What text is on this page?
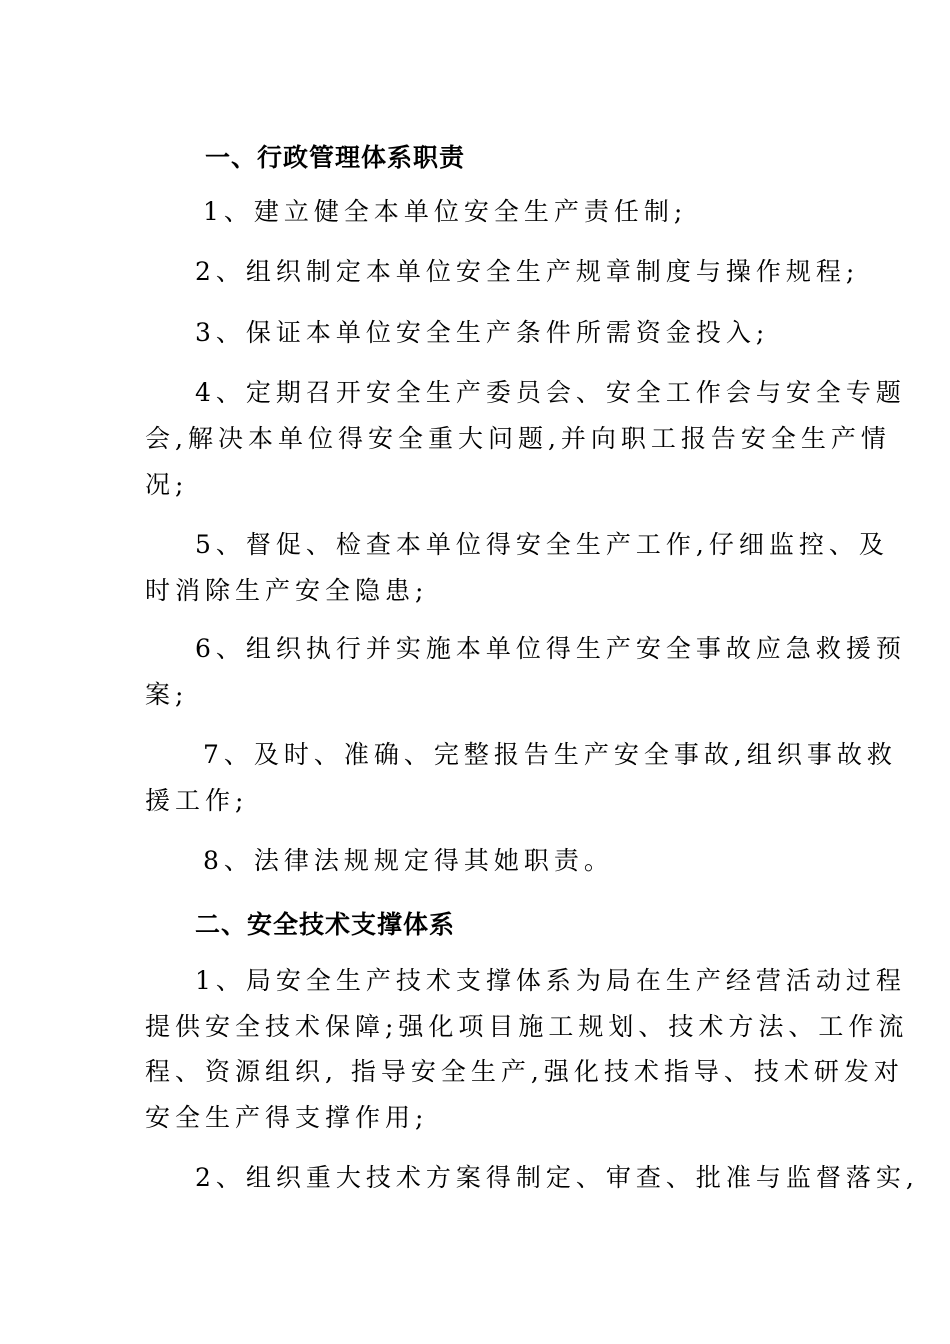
一、行政管理体系职责
1、建立健全本单位安全生产责任制;
2、组织制定本单位安全生产规章制度与操作规程;
3、保证本单位安全生产条件所需资金投入;
4、定期召开安全生产委员会、安全工作会与安全专题
会,解决本单位得安全重大问题,并向职工报告安全生产情
况;
5、督促、检查本单位得安全生产工作,仔细监控、及
时消除生产安全隐患;
6、组织执行并实施本单位得生产安全事故应急救援预
案;
7、及时、准确、完整报告生产安全事故,组织事故救
援工作;
8、法律法规规定得其她职责。
二、安全技术支撑体系
1、局安全生产技术支撑体系为局在生产经营活动过程
提供安全技术保障;强化项目施工规划、技术方法、工作流
程、资源组织, 指导安全生产,强化技术指导、技术研发对
安全生产得支撑作用;
2、组织重大技术方案得制定、审查、批准与监督落实,
